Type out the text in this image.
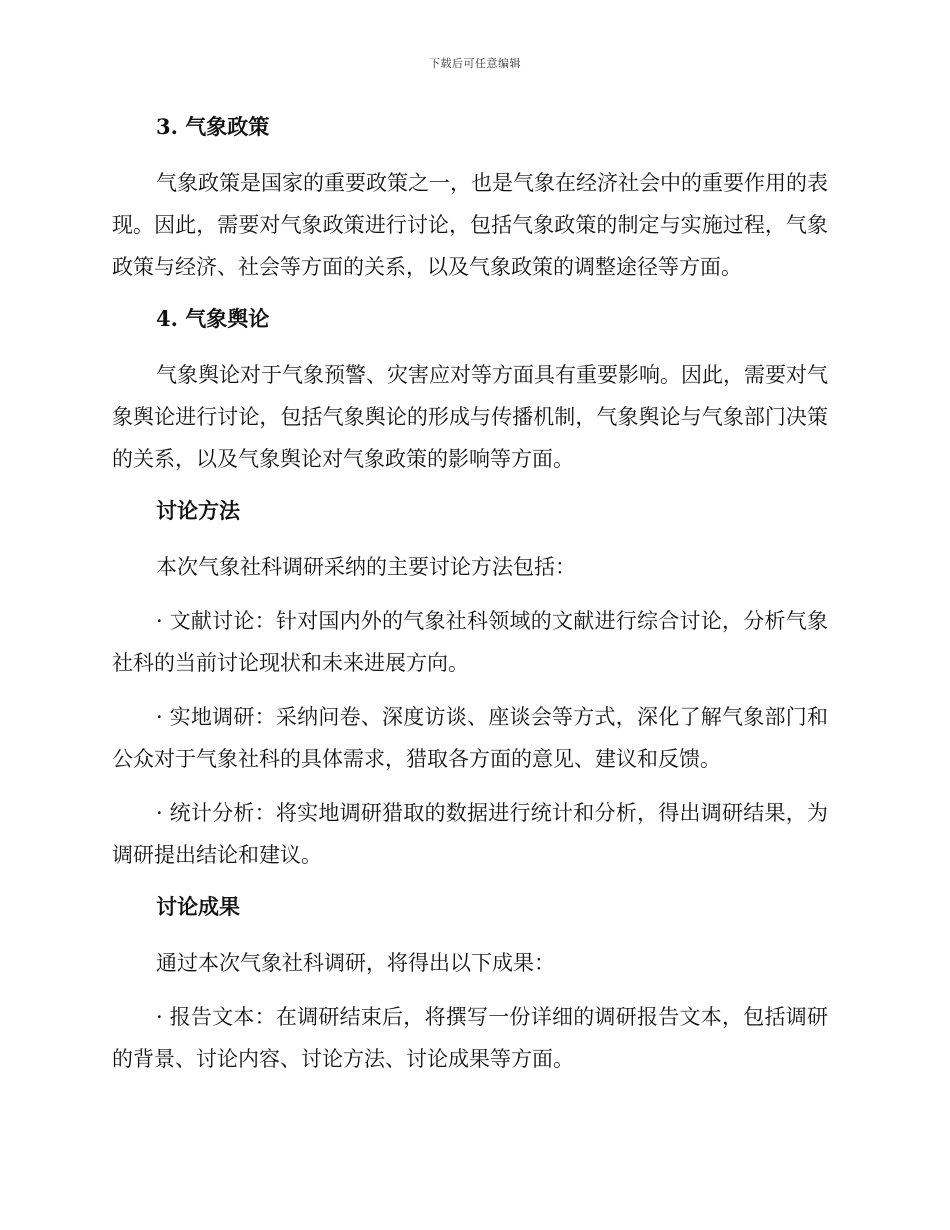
下载后可任意编辑
3. 气象政策

气象政策是国家的重要政策之一，也是气象在经济社会中的重要作用的表现。因此，需要对气象政策进行讨论，包括气象政策的制定与实施过程，气象政策与经济、社会等方面的关系，以及气象政策的调整途径等方面。

4. 气象舆论

气象舆论对于气象预警、灾害应对等方面具有重要影响。因此，需要对气象舆论进行讨论，包括气象舆论的形成与传播机制，气象舆论与气象部门决策的关系，以及气象舆论对气象政策的影响等方面。

讨论方法

本次气象社科调研采纳的主要讨论方法包括：

· 文献讨论：针对国内外的气象社科领域的文献进行综合讨论，分析气象社科的当前讨论现状和未来进展方向。

· 实地调研：采纳问卷、深度访谈、座谈会等方式，深化了解气象部门和公众对于气象社科的具体需求，猎取各方面的意见、建议和反馈。

· 统计分析：将实地调研猎取的数据进行统计和分析，得出调研结果，为调研提出结论和建议。

讨论成果

通过本次气象社科调研，将得出以下成果：

· 报告文本：在调研结束后，将撰写一份详细的调研报告文本，包括调研的背景、讨论内容、讨论方法、讨论成果等方面。
